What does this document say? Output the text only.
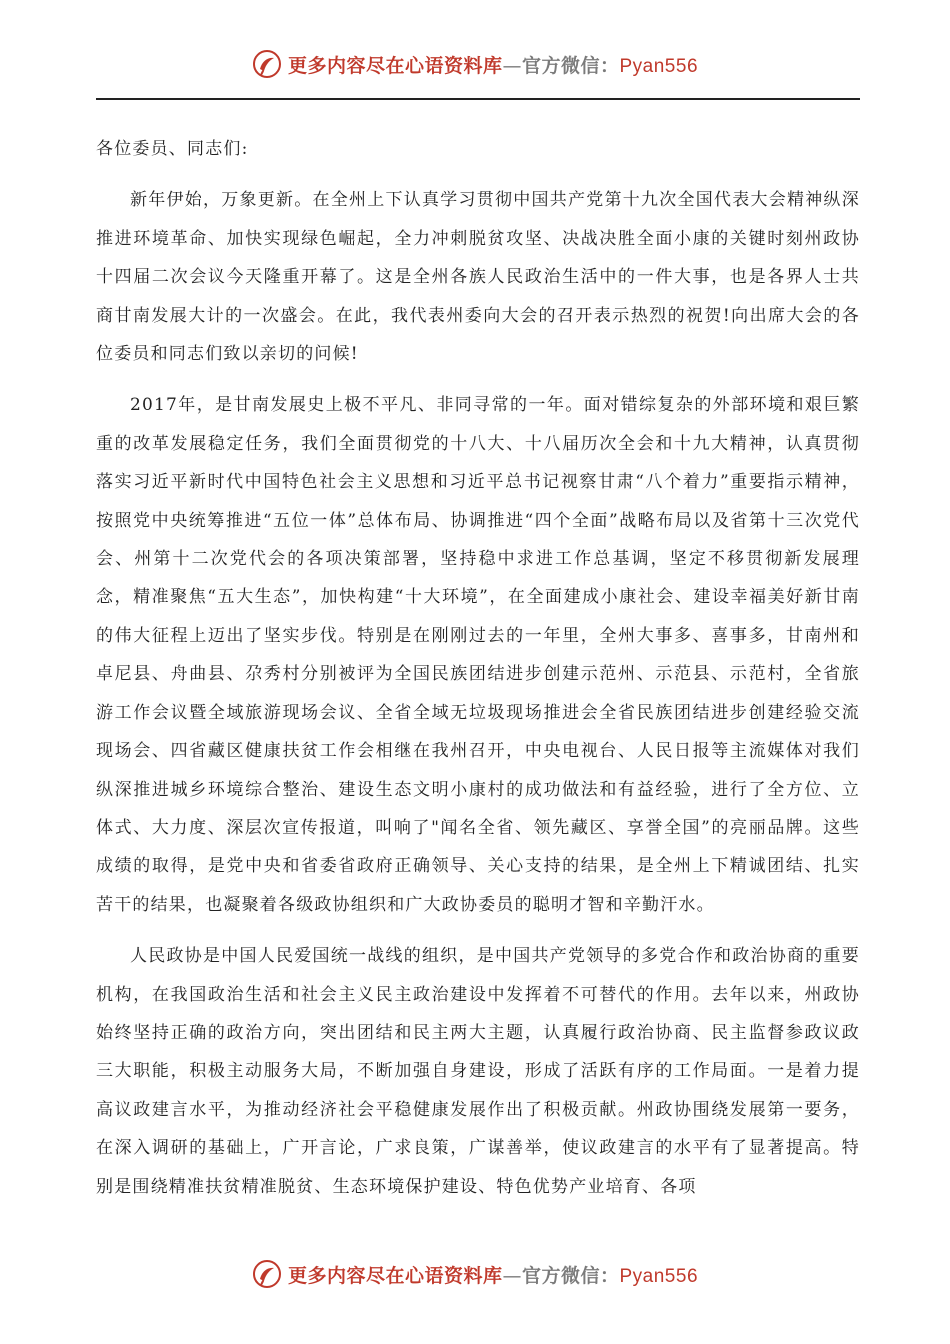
更多内容尽在心语资料库—官方微信：Pyan556

各位委员、同志们:

新年伊始，万象更新。在全州上下认真学习贯彻中国共产党第十九次全国代表大会精神纵深推进环境革命、加快实现绿色崛起，全力冲刺脱贫攻坚、决战决胜全面小康的关键时刻州政协十四届二次会议今天隆重开幕了。这是全州各族人民政治生活中的一件大事，也是各界人士共商甘南发展大计的一次盛会。在此，我代表州委向大会的召开表示热烈的祝贺!向出席大会的各位委员和同志们致以亲切的问候!

2017年，是甘南发展史上极不平凡、非同寻常的一年。面对错综复杂的外部环境和艰巨繁重的改革发展稳定任务，我们全面贯彻党的十八大、十八届历次全会和十九大精神，认真贯彻落实习近平新时代中国特色社会主义思想和习近平总书记视察甘肃“八个着力”重要指示精神，按照党中央统筹推进“五位一体”总体布局、协调推进“四个全面”战略布局以及省第十三次党代会、州第十二次党代会的各项决策部署，坚持稳中求进工作总基调，坚定不移贯彻新发展理念，精准聚焦“五大生态”，加快构建“十大环境”，在全面建成小康社会、建设幸福美好新甘南的伟大征程上迈出了坚实步伐。特别是在刚刚过去的一年里，全州大事多、喜事多，甘南州和卓尼县、舟曲县、尕秀村分别被评为全国民族团结进步创建示范州、示范县、示范村，全省旅游工作会议暨全域旅游现场会议、全省全域无垃圾现场推进会全省民族团结进步创建经验交流现场会、四省藏区健康扶贫工作会相继在我州召开，中央电视台、人民日报等主流媒体对我们纵深推进城乡环境综合整治、建设生态文明小康村的成功做法和有益经验，进行了全方位、立体式、大力度、深层次宣传报道，叫响了"闻名全省、领先藏区、享誉全国”的亮丽品牌。这些成绩的取得，是党中央和省委省政府正确领导、关心支持的结果，是全州上下精诚团结、扎实苦干的结果，也凝聚着各级政协组织和广大政协委员的聪明才智和辛勤汗水。

人民政协是中国人民爱国统一战线的组织，是中国共产党领导的多党合作和政治协商的重要机构，在我国政治生活和社会主义民主政治建设中发挥着不可替代的作用。去年以来，州政协始终坚持正确的政治方向，突出团结和民主两大主题，认真履行政治协商、民主监督参政议政三大职能，积极主动服务大局，不断加强自身建设，形成了活跃有序的工作局面。一是着力提高议政建言水平，为推动经济社会平稳健康发展作出了积极贡献。州政协围绕发展第一要务，在深入调研的基础上，广开言论，广求良策，广谋善举，使议政建言的水平有了显著提高。特别是围绕精准扶贫精准脱贫、生态环境保护建设、特色优势产业培育、各项

更多内容尽在心语资料库—官方微信：Pyan556
